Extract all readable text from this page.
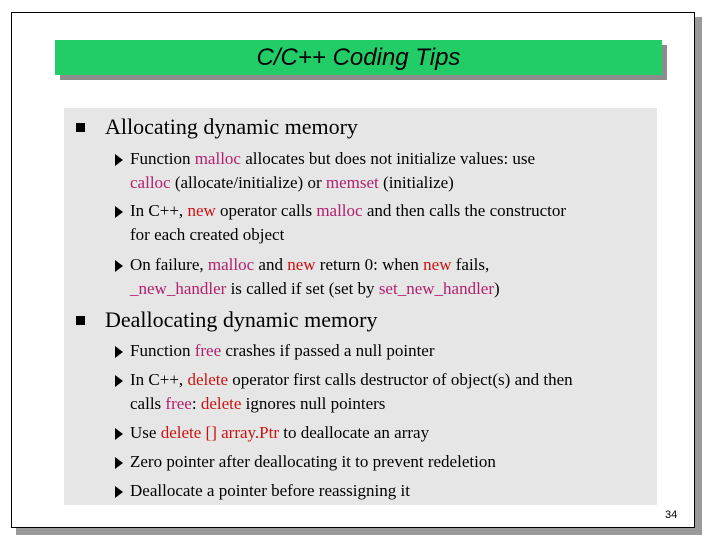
C/C++ Coding Tips
Allocating dynamic memory
Function malloc allocates but does not initialize values: use
calloc (allocate/initialize) or memset (initialize)
In C++, new operator calls malloc and then calls the constructor
for each created object
On failure, malloc and new return 0: when new fails,
_new_handler is called if set (set by set_new_handler)
Deallocating dynamic memory
Function free crashes if passed a null pointer
In C++, delete operator first calls destructor of object(s) and then
calls free: delete ignores null pointers
Use delete [] array.Ptr to deallocate an array
Zero pointer after deallocating it to prevent redeletion
Deallocate a pointer before reassigning it
34
